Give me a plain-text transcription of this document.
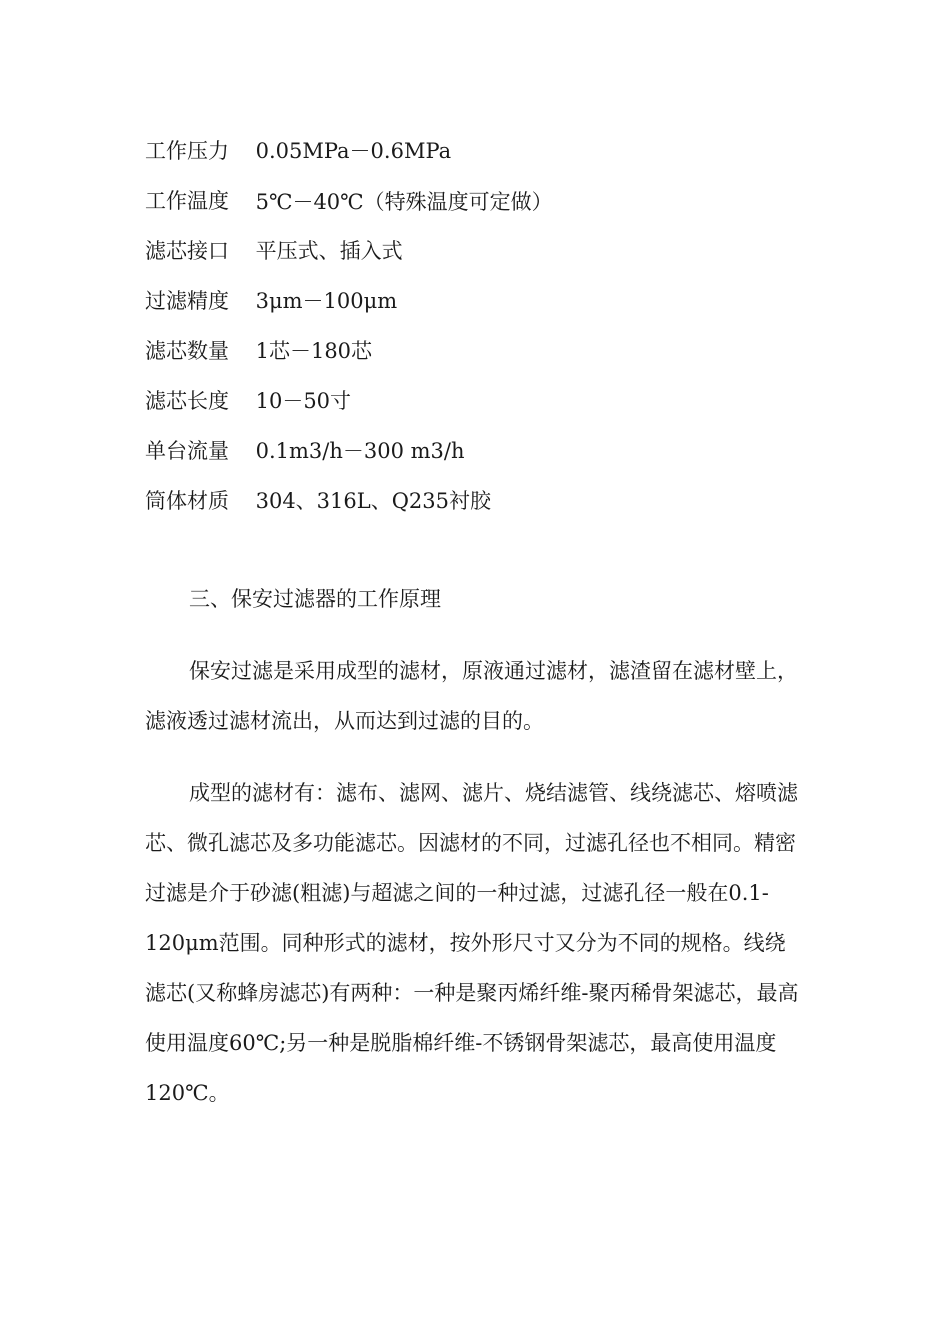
工作压力	0.05MPa－0.6MPa
工作温度	5℃－40℃（特殊温度可定做）
滤芯接口	平压式、插入式
过滤精度	3μm－100μm
滤芯数量	1芯－180芯
滤芯长度	10－50寸
单台流量	0.1m3/h－300 m3/h
筒体材质	304、316L、Q235衬胶
三、保安过滤器的工作原理

保安过滤是采用成型的滤材，原液通过滤材，滤渣留在滤材壁上，滤液透过滤材流出，从而达到过滤的目的。

成型的滤材有：滤布、滤网、滤片、烧结滤管、线绕滤芯、熔喷滤芯、微孔滤芯及多功能滤芯。因滤材的不同，过滤孔径也不相同。精密过滤是介于砂滤(粗滤)与超滤之间的一种过滤，过滤孔径一般在0.1-120μm范围。同种形式的滤材，按外形尺寸又分为不同的规格。线绕滤芯(又称蜂房滤芯)有两种：一种是聚丙烯纤维-聚丙稀骨架滤芯，最高使用温度60℃;另一种是脱脂棉纤维-不锈钢骨架滤芯，最高使用温度120℃。
